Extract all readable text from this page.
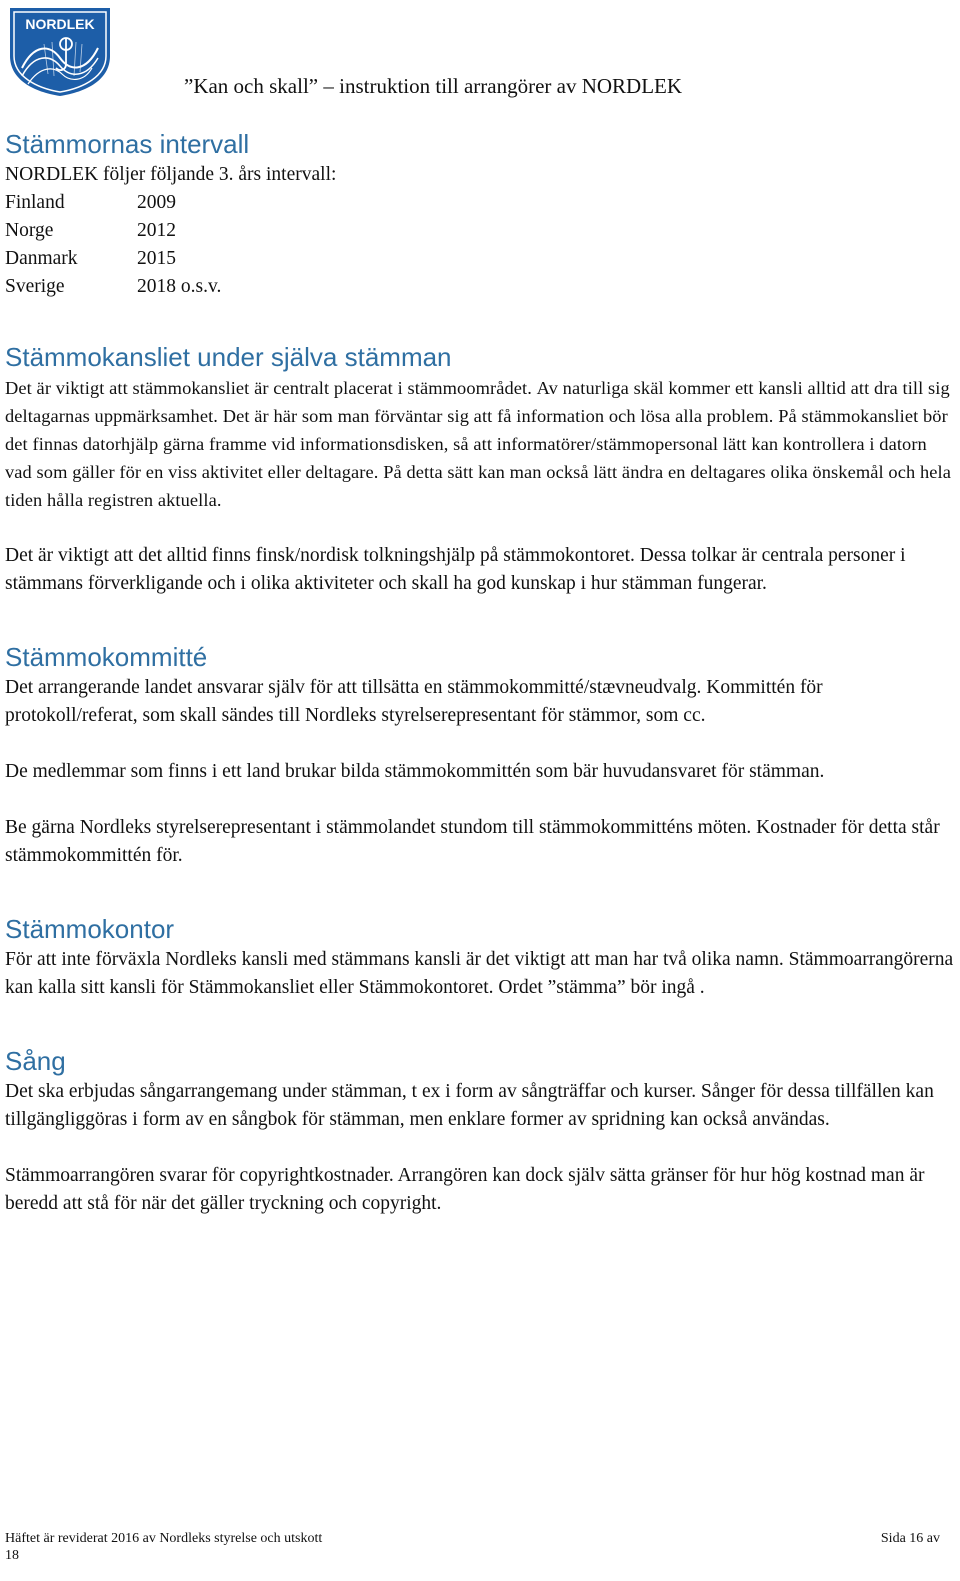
NORDLEK
”Kan och skall” – instruktion till arrangörer av NORDLEK
Stämmornas intervall

NORDLEK följer följande 3. års intervall:

Finland	2009
Norge	2012
Danmark	2015
Sverige	2018 o.s.v.
Stämmokansliet under själva stämman

Det är viktigt att stämmokansliet är centralt placerat i stämmoområdet. Av naturliga skäl kommer ett kansli alltid att dra till sig deltagarnas uppmärksamhet. Det är här som man förväntar sig att få information och lösa alla problem. På stämmokansliet bör det finnas datorhjälp gärna framme vid informationsdisken, så att informatörer/stämmopersonal lätt kan kontrollera i datorn vad som gäller för en viss aktivitet eller deltagare. På detta sätt kan man också lätt ändra en deltagares olika önskemål och hela tiden hålla registren aktuella.

Det är viktigt att det alltid finns finsk/nordisk tolkningshjälp på stämmokontoret. Dessa tolkar är centrala personer i stämmans förverkligande och i olika aktiviteter och skall ha god kunskap i hur stämman fungerar.

Stämmokommitté

Det arrangerande landet ansvarar själv för att tillsätta en stämmokommitté/stævneudvalg. Kommittén för protokoll/referat, som skall sändes till Nordleks styrelserepresentant för stämmor, som cc.

De medlemmar som finns i ett land brukar bilda stämmokommittén som bär huvudansvaret för stämman.

Be gärna Nordleks styrelserepresentant i stämmolandet stundom till stämmokommitténs möten. Kostnader för detta står stämmokommittén för.

Stämmokontor

För att inte förväxla Nordleks kansli med stämmans kansli är det viktigt att man har två olika namn. Stämmoarrangörerna kan kalla sitt kansli för Stämmokansliet eller Stämmokontoret. Ordet ”stämma” bör ingå .

Sång

Det ska erbjudas sångarrangemang under stämman, t ex i form av sångträffar och kurser. Sånger för dessa tillfällen kan tillgängliggöras i form av en sångbok för stämman, men enklare former av spridning kan också användas.

Stämmoarrangören svarar för copyrightkostnader. Arrangören kan dock själv sätta gränser för hur hög kostnad man är beredd att stå för när det gäller tryckning och copyright.

Häftet är reviderat 2016 av Nordleks styrelse och utskott	Sida 16 av
18
